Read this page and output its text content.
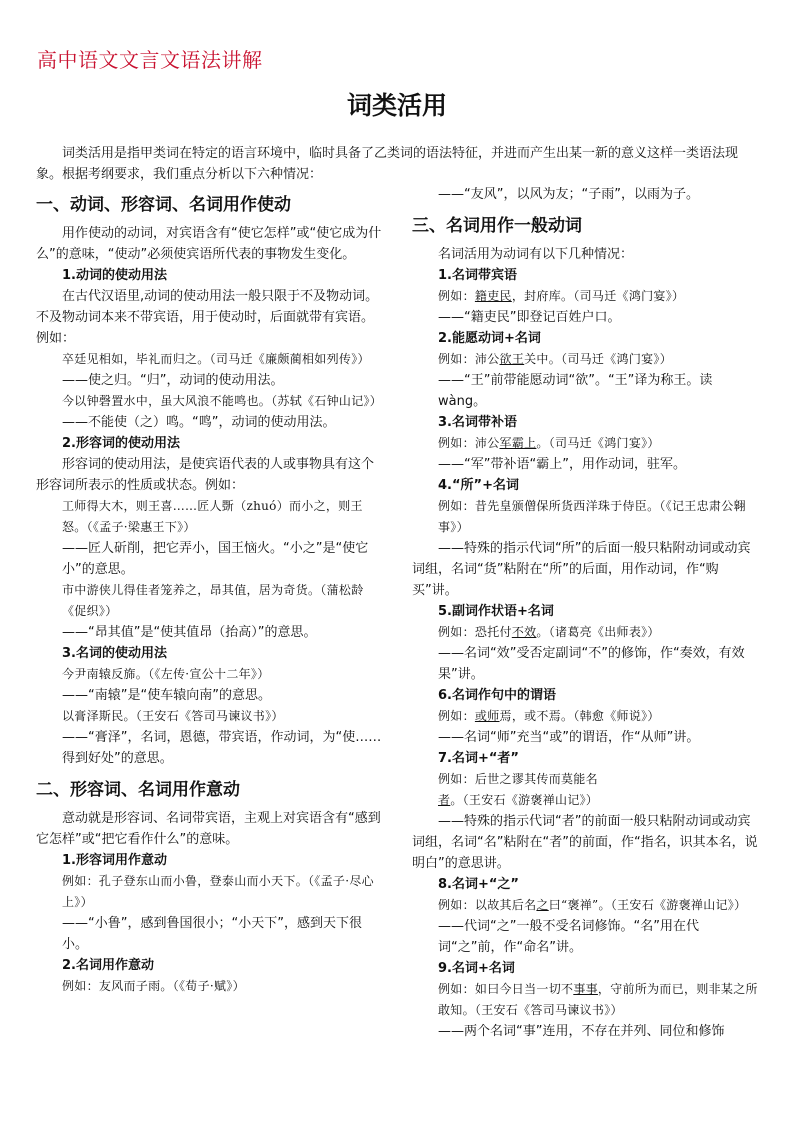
高中语文文言文语法讲解
词类活用

词类活用是指甲类词在特定的语言环境中，临时具备了乙类词的语法特征，并进而产生出某一新的意义这样一类语法现象。根据考纲要求，我们重点分析以下六种情况：

一、动词、形容词、名词用作使动

用作使动的动词，对宾语含有“使它怎样”或“使它成为什么”的意味，“使动”必须使宾语所代表的事物发生变化。

1.动词的使动用法

在古代汉语里,动词的使动用法一般只限于不及物动词。不及物动词本来不带宾语，用于使动时，后面就带有宾语。例如：

卒廷见相如，毕礼而归之。（司马迁《廉颇蔺相如列传》）

——使之归。“归”，动词的使动用法。

今以钟磬置水中，虽大风浪不能鸣也。（苏轼《石钟山记》）

——不能使（之）鸣。“鸣”，动词的使动用法。

2.形容词的使动用法

形容词的使动用法，是使宾语代表的人或事物具有这个形容词所表示的性质或状态。例如：

工师得大木，则王喜……匠人斲（zhuó）而小之，则王怒。（《孟子·梁惠王下》）

——匠人斫削，把它弄小，国王恼火。“小之”是“使它小”的意思。

市中游侠儿得佳者笼养之，昂其值，居为奇货。（蒲松龄《促织》）

——“昂其值”是“使其值昂（抬高）”的意思。

3.名词的使动用法

今尹南辕反旆。（《左传·宣公十二年》）

——“南辕”是“使车辕向南”的意思。

以膏泽斯民。（王安石《答司马谏议书》）

——“膏泽”，名词，恩德，带宾语，作动词，为“使……得到好处”的意思。

二、形容词、名词用作意动

意动就是形容词、名词带宾语，主观上对宾语含有“感到它怎样”或“把它看作什么”的意味。

1.形容词用作意动

例如：孔子登东山而小鲁，登泰山而小天下。（《孟子·尽心上》）

——“小鲁”，感到鲁国很小；“小天下”，感到天下很小。

2.名词用作意动

例如：友风而子雨。（《荀子·赋》）

——“友风”，以风为友；“子雨”，以雨为子。

三、名词用作一般动词

名词活用为动词有以下几种情况：

1.名词带宾语

例如：籍吏民，封府库。（司马迁《鸿门宴》）

——“籍吏民”即登记百姓户口。

2.能愿动词+名词

例如：沛公欲王关中。（司马迁《鸿门宴》）

——“王”前带能愿动词“欲”。“王”译为称王。读 wàng。

3.名词带补语

例如：沛公军霸上。（司马迁《鸿门宴》）

——“军”带补语“霸上”，用作动词，驻军。

4.“所”+名词

例如：昔先皇颁僧保所货西洋珠于侍臣。（《记王忠肃公翱事》）

——特殊的指示代词“所”的后面一般只粘附动词或动宾词组，名词“货”粘附在“所”的后面，用作动词，作“购买”讲。

5.副词作状语+名词

例如：恐托付不效。（诸葛亮《出师表》）

——名词“效”受否定副词“不”的修饰，作“奏效，有效果”讲。

6.名词作句中的谓语

例如：或师焉，或不焉。（韩愈《师说》）

——名词“师”充当“或”的谓语，作“从师”讲。

7.名词+“者”

例如：后世之谬其传而莫能名者。（王安石《游褒禅山记》）

——特殊的指示代词“者”的前面一般只粘附动词或动宾词组，名词“名”粘附在“者”的前面，作“指名，识其本名，说明白”的意思讲。

8.名词+“之”

例如：以故其后名之曰“褒禅”。（王安石《游褒禅山记》）

——代词“之”一般不受名词修饰。“名”用在代词“之”前，作“命名”讲。

9.名词+名词

例如：如曰今日当一切不事事，守前所为而已，则非某之所敢知。（王安石《答司马谏议书》）

——两个名词“事”连用，不存在并列、同位和修饰
